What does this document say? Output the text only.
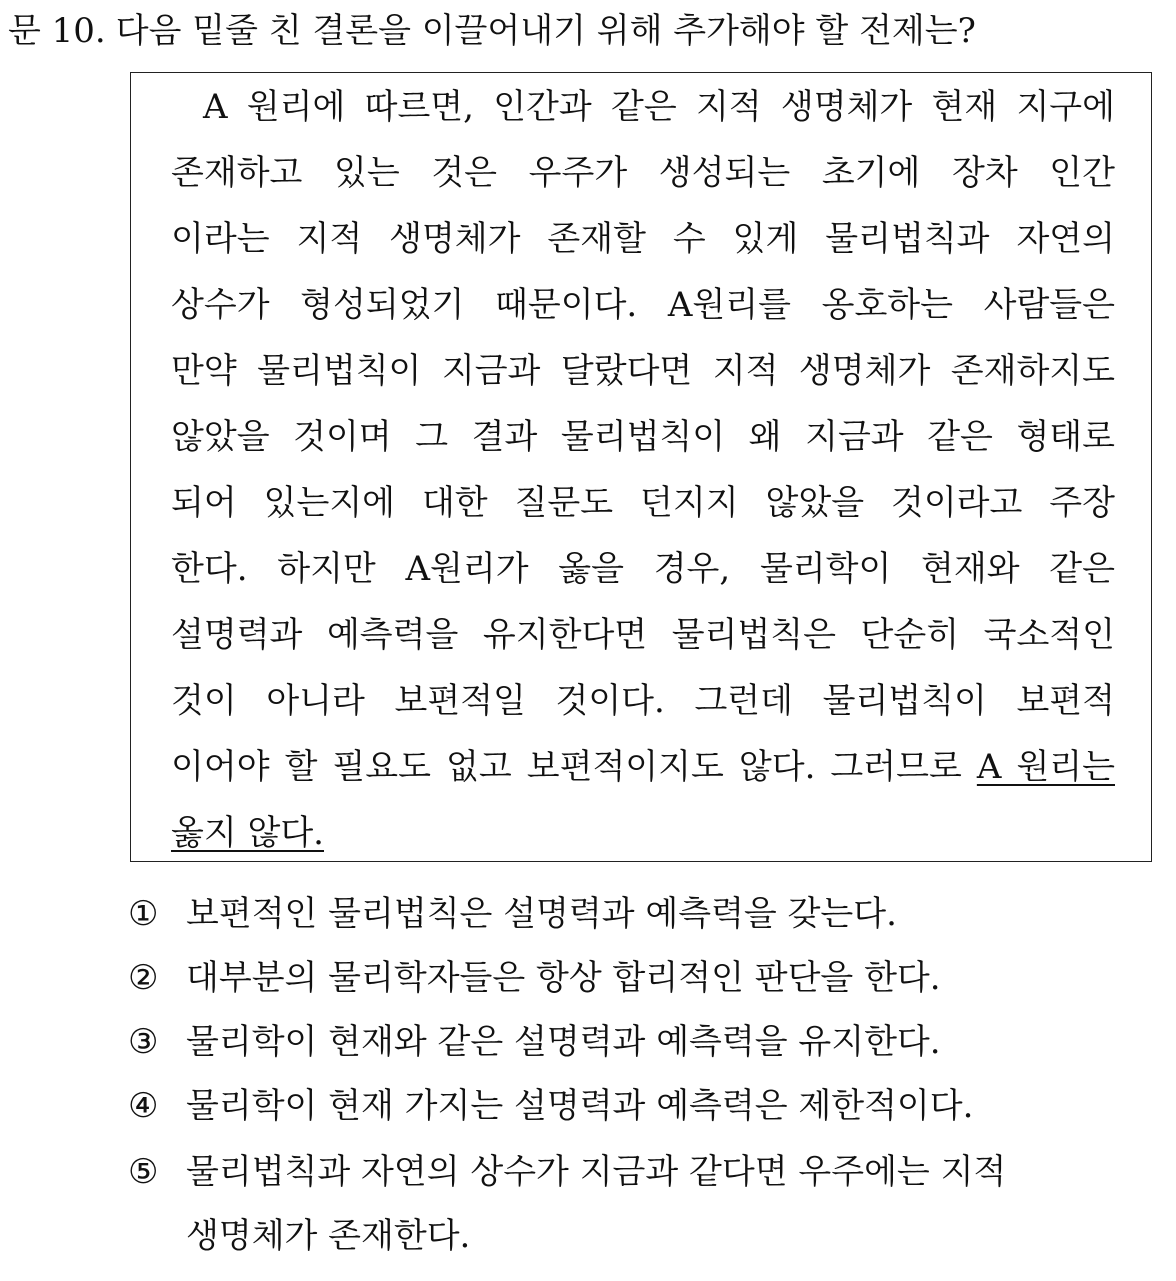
문 10. 다음 밑줄 친 결론을 이끌어내기 위해 추가해야 할 전제는?
A 원리에 따르면, 인간과 같은 지적 생명체가 현재 지구에
존재하고 있는 것은 우주가 생성되는 초기에 장차 인간
이라는 지적 생명체가 존재할 수 있게 물리법칙과 자연의
상수가 형성되었기 때문이다. A원리를 옹호하는 사람들은
만약 물리법칙이 지금과 달랐다면 지적 생명체가 존재하지도
않았을 것이며 그 결과 물리법칙이 왜 지금과 같은 형태로
되어 있는지에 대한 질문도 던지지 않았을 것이라고 주장
한다. 하지만 A원리가 옳을 경우, 물리학이 현재와 같은
설명력과 예측력을 유지한다면 물리법칙은 단순히 국소적인
것이 아니라 보편적일 것이다. 그런데 물리법칙이 보편적
이어야 할 필요도 없고 보편적이지도 않다. 그러므로 A 원리는
옳지 않다.
① 보편적인 물리법칙은 설명력과 예측력을 갖는다.
② 대부분의 물리학자들은 항상 합리적인 판단을 한다.
③ 물리학이 현재와 같은 설명력과 예측력을 유지한다.
④ 물리학이 현재 가지는 설명력과 예측력은 제한적이다.
⑤ 물리법칙과 자연의 상수가 지금과 같다면 우주에는 지적
생명체가 존재한다.
